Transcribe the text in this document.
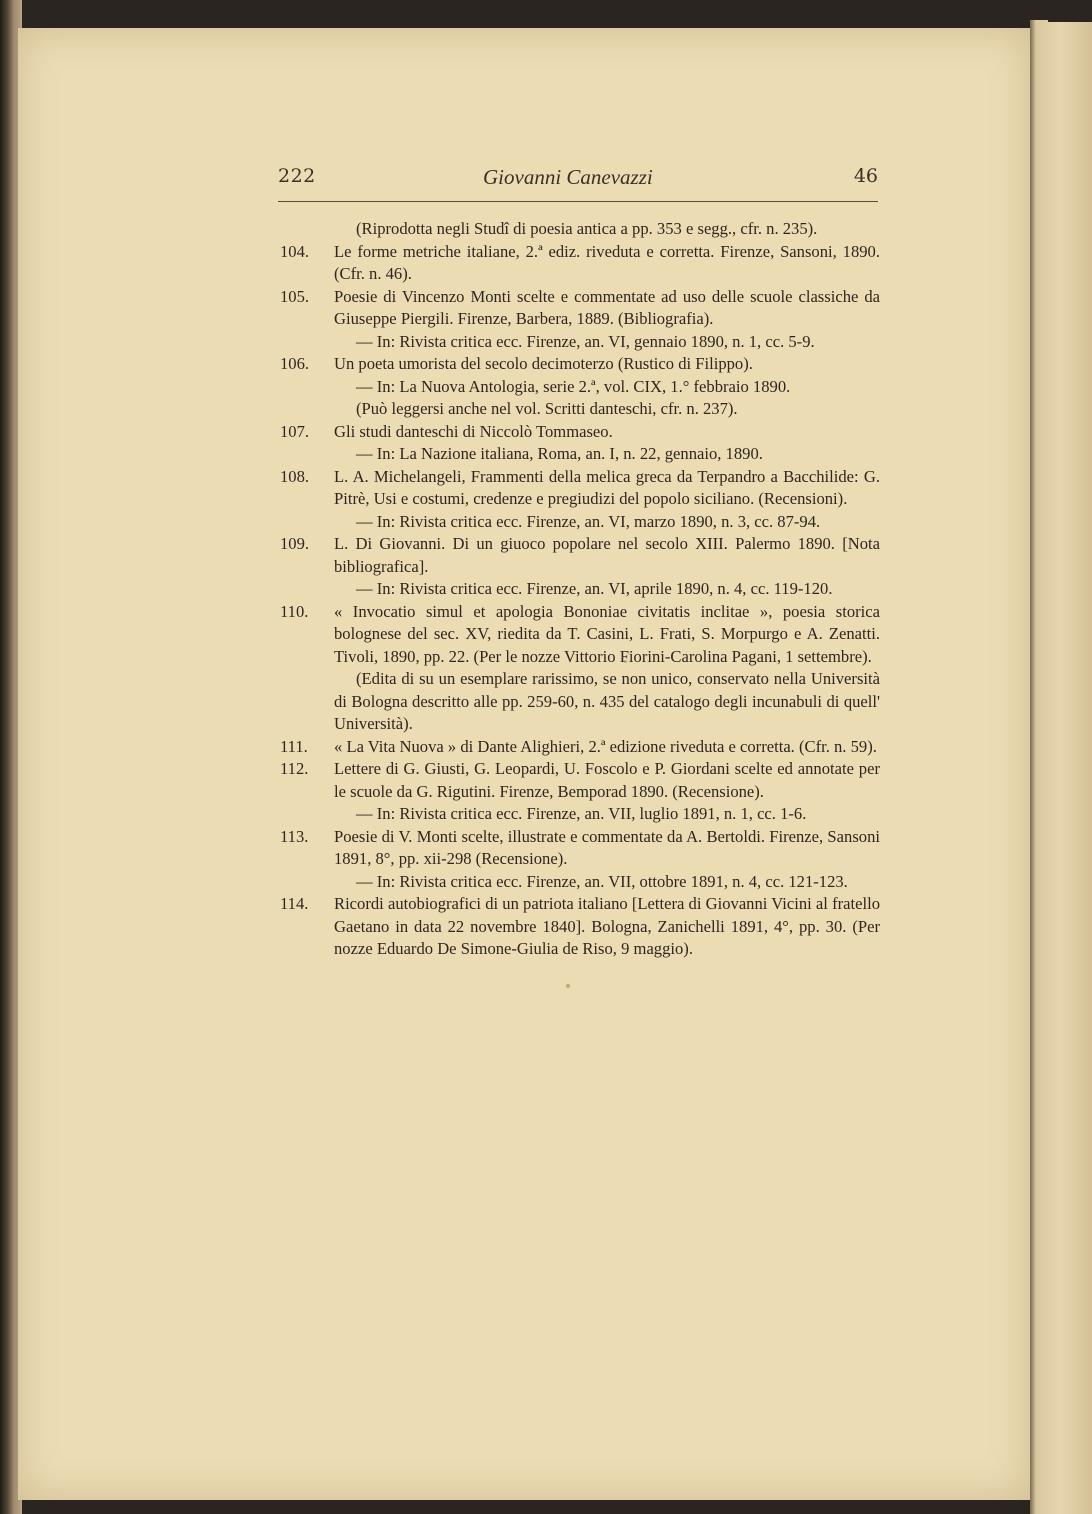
222	Giovanni Canevazzi	46

(Riprodotta negli Studî di poesia antica a pp. 353 e segg., cfr. n. 235).

104. Le forme metriche italiane, 2.ª ediz. riveduta e corretta. Firenze, Sansoni, 1890. (Cfr. n. 46).

105. Poesie di Vincenzo Monti scelte e commentate ad uso delle scuole classiche da Giuseppe Piergili. Firenze, Barbera, 1889. (Bibliografia).

— In: Rivista critica ecc. Firenze, an. VI, gennaio 1890, n. 1, cc. 5-9.

106. Un poeta umorista del secolo decimoterzo (Rustico di Filippo).

— In: La Nuova Antologia, serie 2.ª, vol. CIX, 1.° febbraio 1890.

(Può leggersi anche nel vol. Scritti danteschi, cfr. n. 237).

107. Gli studi danteschi di Niccolò Tommaseo.

— In: La Nazione italiana, Roma, an. I, n. 22, gennaio, 1890.

108. L. A. Michelangeli, Frammenti della melica greca da Terpandro a Bacchilide: G. Pitrè, Usi e costumi, credenze e pregiudizi del popolo siciliano. (Recensioni).

— In: Rivista critica ecc. Firenze, an. VI, marzo 1890, n. 3, cc. 87-94.

109. L. Di Giovanni. Di un giuoco popolare nel secolo XIII. Palermo 1890. [Nota bibliografica].

— In: Rivista critica ecc. Firenze, an. VI, aprile 1890, n. 4, cc. 119-120.

110. « Invocatio simul et apologia Bononiae civitatis inclitae », poesia storica bolognese del sec. XV, riedita da T. Casini, L. Frati, S. Morpurgo e A. Zenatti. Tivoli, 1890, pp. 22. (Per le nozze Vittorio Fiorini-Carolina Pagani, 1 settembre).

(Edita di su un esemplare rarissimo, se non unico, conservato nella Università di Bologna descritto alle pp. 259-60, n. 435 del catalogo degli incunabuli di quell' Università).

111. « La Vita Nuova » di Dante Alighieri, 2.ª edizione riveduta e corretta. (Cfr. n. 59).

112. Lettere di G. Giusti, G. Leopardi, U. Foscolo e P. Giordani scelte ed annotate per le scuole da G. Rigutini. Firenze, Bemporad 1890. (Recensione).

— In: Rivista critica ecc. Firenze, an. VII, luglio 1891, n. 1, cc. 1-6.

113. Poesie di V. Monti scelte, illustrate e commentate da A. Bertoldi. Firenze, Sansoni 1891, 8°, pp. xii-298 (Recensione).

— In: Rivista critica ecc. Firenze, an. VII, ottobre 1891, n. 4, cc. 121-123.

114. Ricordi autobiografici di un patriota italiano [Lettera di Giovanni Vicini al fratello Gaetano in data 22 novembre 1840]. Bologna, Zanichelli 1891, 4°, pp. 30. (Per nozze Eduardo De Simone-Giulia de Riso, 9 maggio).
